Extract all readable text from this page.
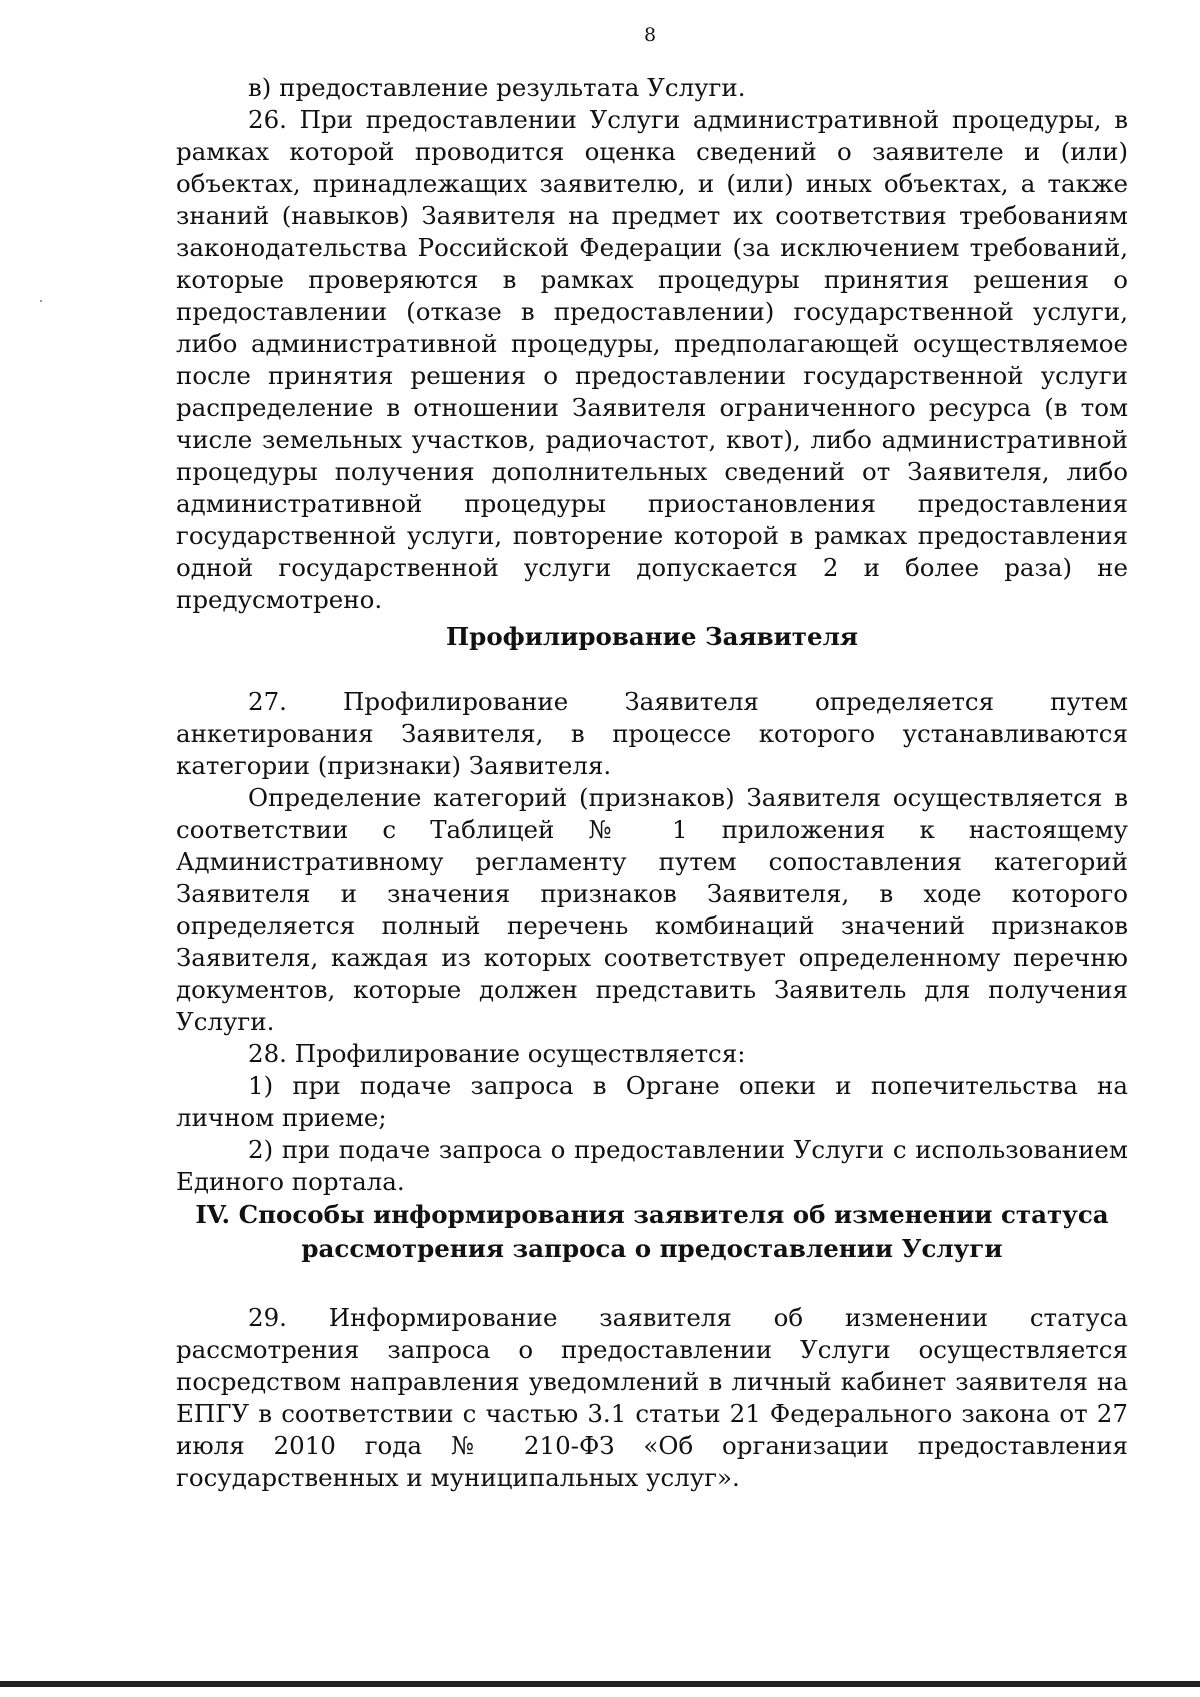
8

в) предоставление результата Услуги.

26. При предоставлении Услуги административной процедуры, в рамках которой проводится оценка сведений о заявителе и (или) объектах, принадлежащих заявителю, и (или) иных объектах, а также знаний (навыков) Заявителя на предмет их соответствия требованиям законодательства Российской Федерации (за исключением требований, которые проверяются в рамках процедуры принятия решения о предоставлении (отказе в предоставлении) государственной услуги, либо административной процедуры, предполагающей осуществляемое после принятия решения о предоставлении государственной услуги распределение в отношении Заявителя ограниченного ресурса (в том числе земельных участков, радиочастот, квот), либо административной процедуры получения дополнительных сведений от Заявителя, либо административной процедуры приостановления предоставления государственной услуги, повторение которой в рамках предоставления одной государственной услуги допускается 2 и более раза) не предусмотрено.

Профилирование Заявителя

27. Профилирование Заявителя определяется путем анкетирования Заявителя, в процессе которого устанавливаются категории (признаки) Заявителя.

Определение категорий (признаков) Заявителя осуществляется в соответствии с Таблицей № 1 приложения к настоящему Административному регламенту путем сопоставления категорий Заявителя и значения признаков Заявителя, в ходе которого определяется полный перечень комбинаций значений признаков Заявителя, каждая из которых соответствует определенному перечню документов, которые должен представить Заявитель для получения Услуги.

28. Профилирование осуществляется:

1) при подаче запроса в Органе опеки и попечительства на личном приеме;

2) при подаче запроса о предоставлении Услуги с использованием Единого портала.

IV. Способы информирования заявителя об изменении статуса

рассмотрения запроса о предоставлении Услуги

29. Информирование заявителя об изменении статуса рассмотрения запроса о предоставлении Услуги осуществляется посредством направления уведомлений в личный кабинет заявителя на ЕПГУ в соответствии с частью 3.1 статьи 21 Федерального закона от 27 июля 2010 года № 210-ФЗ «Об организации предоставления государственных и муниципальных услуг».
